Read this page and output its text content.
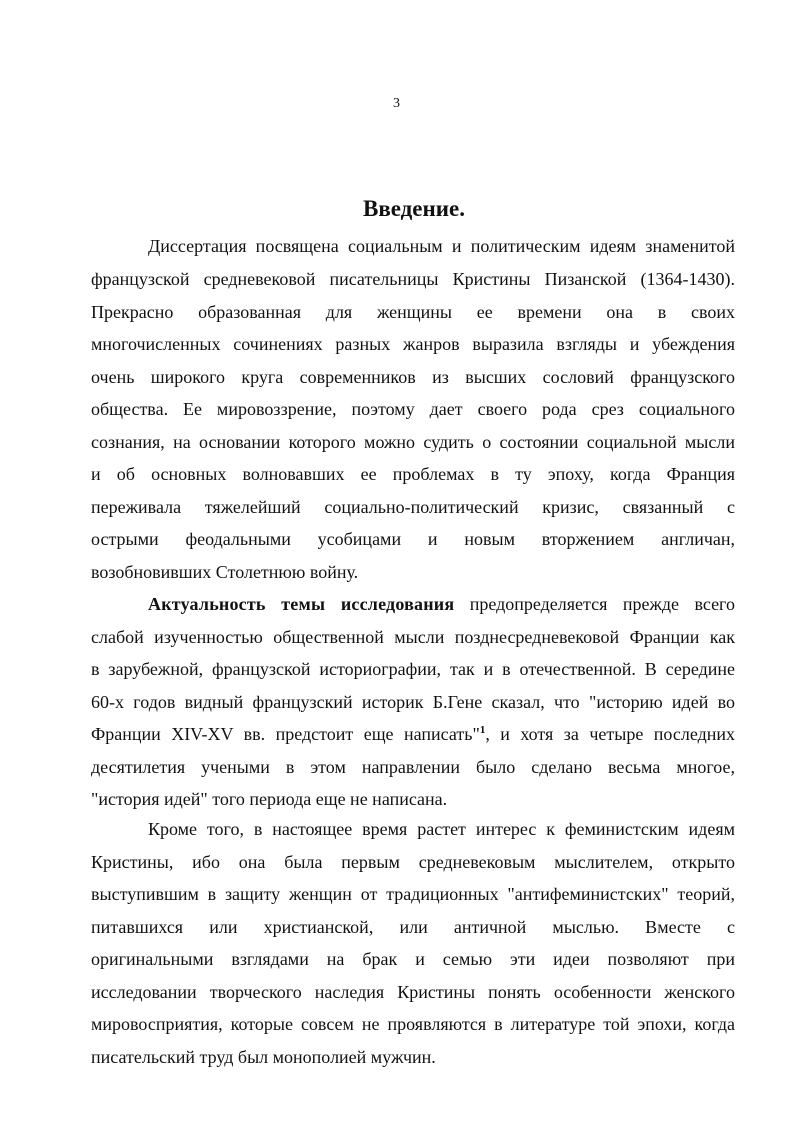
3
Введение.
Диссертация посвящена социальным и политическим идеям знаменитой
французской средневековой писательницы Кристины Пизанской (1364-1430).
Прекрасно образованная для женщины ее времени она в своих
многочисленных сочинениях разных жанров выразила взгляды и убеждения
очень широкого круга современников из высших сословий французского
общества. Ее мировоззрение, поэтому дает своего рода срез социального
сознания, на основании которого можно судить о состоянии социальной мысли
и об основных волновавших ее проблемах в ту эпоху, когда Франция
переживала тяжелейший социально-политический кризис, связанный с
острыми феодальными усобицами и новым вторжением англичан,
возобновивших Столетнюю войну.
Актуальность темы исследования предопределяется прежде всего
слабой изученностью общественной мысли позднесредневековой Франции как
в зарубежной, французской историографии, так и в отечественной. В середине
60-х годов видный французский историк Б.Гене сказал, что "историю идей во
Франции XIV-XV вв. предстоит еще написать"$^1$, и хотя за четыре последних
десятилетия учеными в этом направлении было сделано весьма многое,
"история идей" того периода еще не написана.
Кроме того, в настоящее время растет интерес к феминистским идеям
Кристины, ибо она была первым средневековым мыслителем, открыто
выступившим в защиту женщин от традиционных "антифеминистских" теорий,
питавшихся или христианской, или античной мыслью. Вместе с
оригинальными взглядами на брак и семью эти идеи позволяют при
исследовании творческого наследия Кристины понять особенности женского
мировосприятия, которые совсем не проявляются в литературе той эпохи, когда
писательский труд был монополией мужчин.
